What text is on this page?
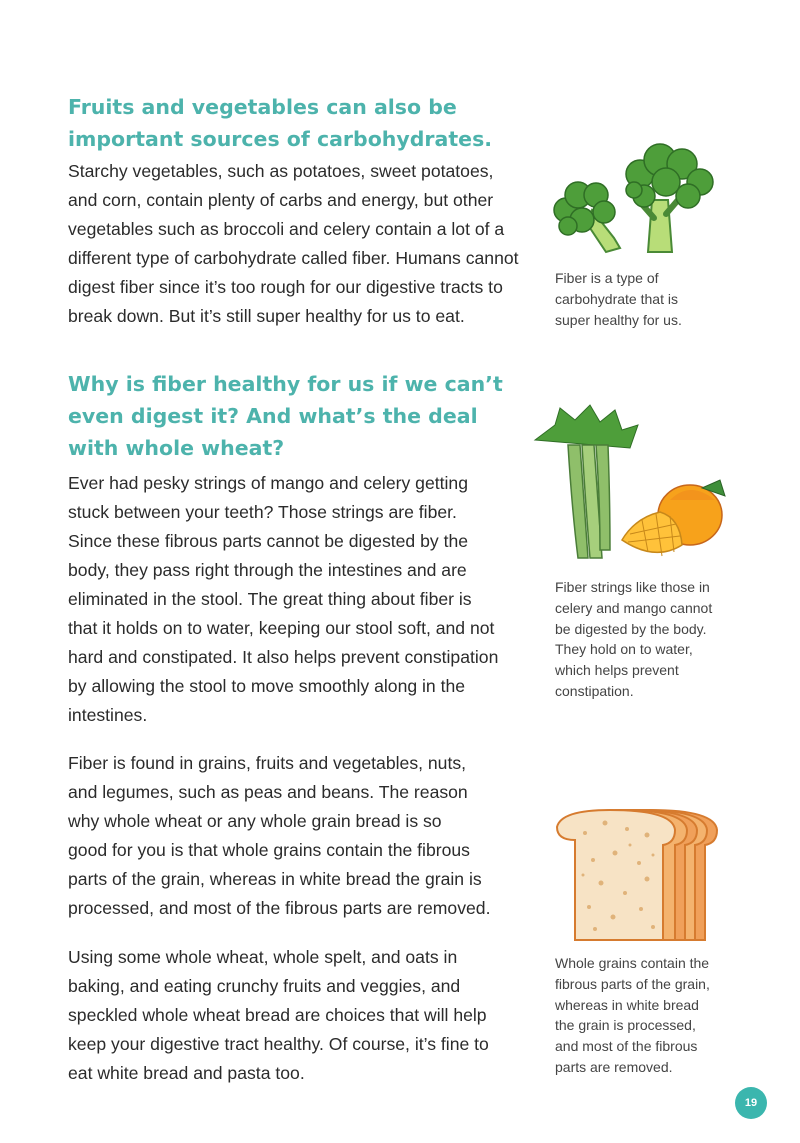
Fruits and vegetables can also be
important sources of carbohydrates.

Starchy vegetables, such as potatoes, sweet potatoes,
and corn, contain plenty of carbs and energy, but other
vegetables such as broccoli and celery contain a lot of a
different type of carbohydrate called fiber. Humans cannot
digest fiber since it’s too rough for our digestive tracts to
break down. But it’s still super healthy for us to eat.

Fiber is a type of
carbohydrate that is
super healthy for us.

Why is fiber healthy for us if we can’t
even digest it? And what’s the deal
with whole wheat?

Ever had pesky strings of mango and celery getting
stuck between your teeth? Those strings are fiber.
Since these fibrous parts cannot be digested by the
body, they pass right through the intestines and are
eliminated in the stool. The great thing about fiber is
that it holds on to water, keeping our stool soft, and not
hard and constipated. It also helps prevent constipation
by allowing the stool to move smoothly along in the
intestines.

Fiber strings like those in
celery and mango cannot
be digested by the body.
They hold on to water,
which helps prevent
constipation.

Fiber is found in grains, fruits and vegetables, nuts,
and legumes, such as peas and beans. The reason
why whole wheat or any whole grain bread is so
good for you is that whole grains contain the fibrous
parts of the grain, whereas in white bread the grain is
processed, and most of the fibrous parts are removed.

Using some whole wheat, whole spelt, and oats in
baking, and eating crunchy fruits and veggies, and
speckled whole wheat bread are choices that will help
keep your digestive tract healthy. Of course, it’s fine to
eat white bread and pasta too.

Whole grains contain the
fibrous parts of the grain,
whereas in white bread
the grain is processed,
and most of the fibrous
parts are removed.

19
